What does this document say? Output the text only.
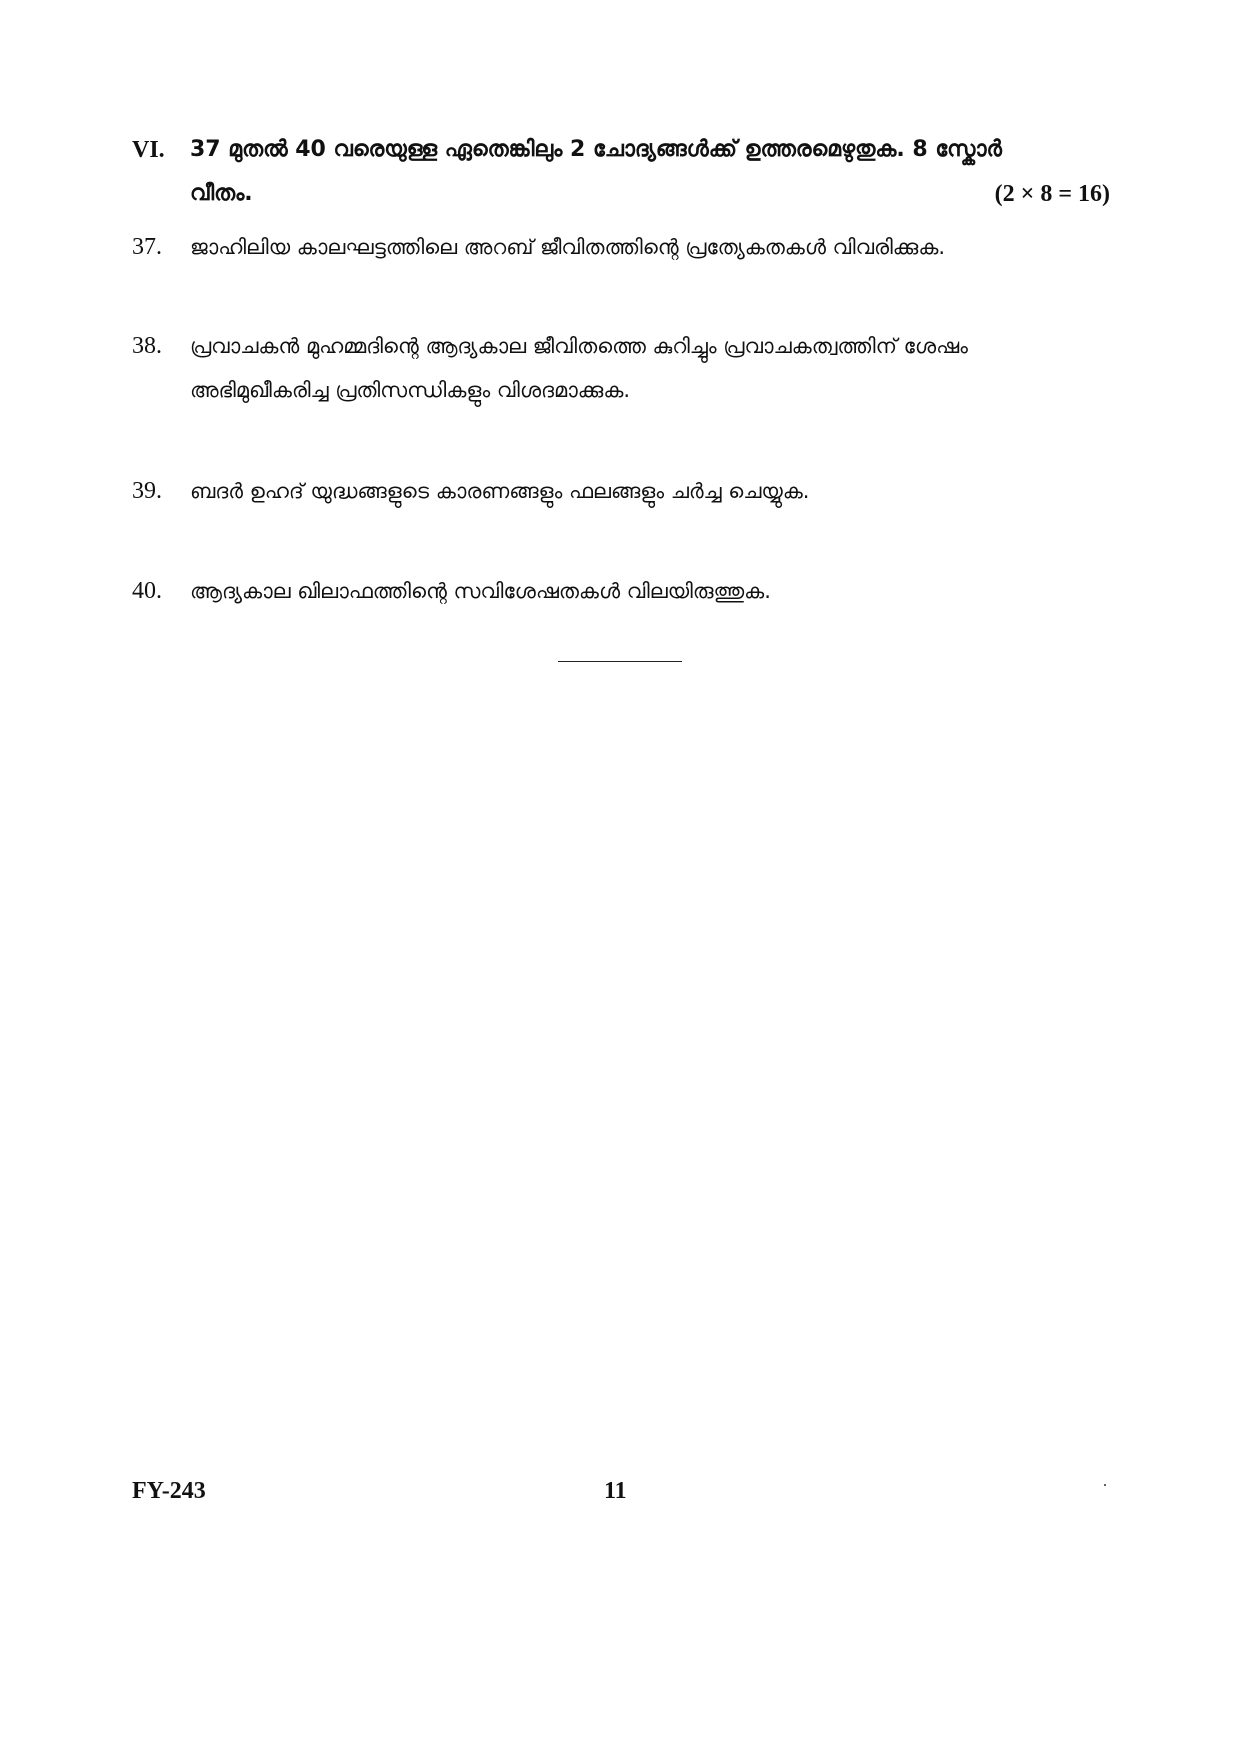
VI. 37 മുതൽ 40 വരെയുള്ള ഏതെങ്കിലും 2 ചോദ്യങ്ങൾക്ക് ഉത്തരമെഴുതുക. 8 സ്കോർ
വീതം.	(2 × 8 = 16)
37. ജാഹിലിയ കാലഘട്ടത്തിലെ അറബ് ജീവിതത്തിന്റെ പ്രത്യേകതകൾ വിവരിക്കുക.
38. പ്രവാചകൻ മുഹമ്മദിന്റെ ആദ്യകാല ജീവിതത്തെ കുറിച്ചും പ്രവാചകത്വത്തിന് ശേഷം
അഭിമുഖീകരിച്ച പ്രതിസന്ധികളും വിശദമാക്കുക.
39. ബദർ ഉഹദ് യുദ്ധങ്ങളുടെ കാരണങ്ങളും ഫലങ്ങളും ചർച്ച ചെയ്യുക.
40. ആദ്യകാല ഖിലാഫത്തിന്റെ സവിശേഷതകൾ വിലയിരുത്തുക.
FY-243	11
